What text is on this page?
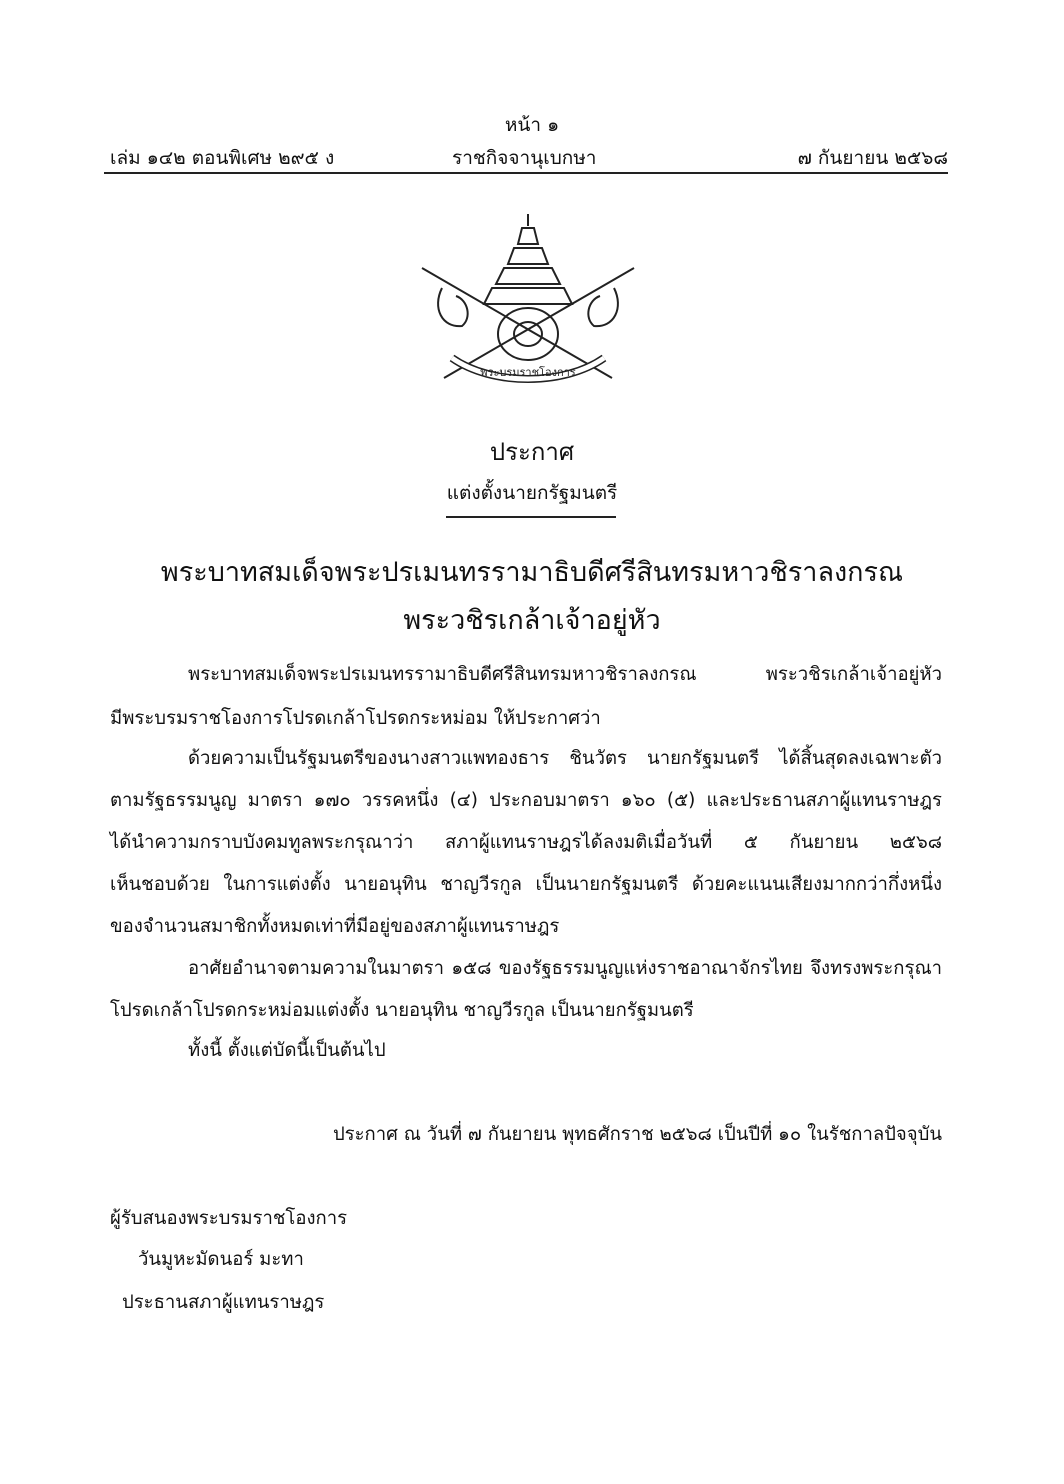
หน้า ๑
เล่ม ๑๔๒ ตอนพิเศษ ๒๙๕ ง	ราชกิจจานุเบกษา	๗ กันยายน ๒๕๖๘
พระบรมราชโองการ
ประกาศ
แต่งตั้งนายกรัฐมนตรี
พระบาทสมเด็จพระปรเมนทรรามาธิบดีศรีสินทรมหาวชิราลงกรณ
พระวชิรเกล้าเจ้าอยู่หัว
พระบาทสมเด็จพระปรเมนทรรามาธิบดีศรีสินทรมหาวชิราลงกรณ พระวชิรเกล้าเจ้าอยู่หัว
มีพระบรมราชโองการโปรดเกล้าโปรดกระหม่อม ให้ประกาศว่า
ด้วยความเป็นรัฐมนตรีของนางสาวแพทองธาร ชินวัตร นายกรัฐมนตรี ได้สิ้นสุดลงเฉพาะตัว
ตามรัฐธรรมนูญ มาตรา ๑๗๐ วรรคหนึ่ง (๔) ประกอบมาตรา ๑๖๐ (๕) และประธานสภาผู้แทนราษฎร
ได้นำความกราบบังคมทูลพระกรุณาว่า สภาผู้แทนราษฎรได้ลงมติเมื่อวันที่ ๕ กันยายน ๒๕๖๘
เห็นชอบด้วย ในการแต่งตั้ง นายอนุทิน ชาญวีรกูล เป็นนายกรัฐมนตรี ด้วยคะแนนเสียงมากกว่ากึ่งหนึ่ง
ของจำนวนสมาชิกทั้งหมดเท่าที่มีอยู่ของสภาผู้แทนราษฎร
อาศัยอำนาจตามความในมาตรา ๑๕๘ ของรัฐธรรมนูญแห่งราชอาณาจักรไทย จึงทรงพระกรุณา
โปรดเกล้าโปรดกระหม่อมแต่งตั้ง นายอนุทิน ชาญวีรกูล เป็นนายกรัฐมนตรี
ทั้งนี้ ตั้งแต่บัดนี้เป็นต้นไป
ประกาศ ณ วันที่ ๗ กันยายน พุทธศักราช ๒๕๖๘ เป็นปีที่ ๑๐ ในรัชกาลปัจจุบัน
ผู้รับสนองพระบรมราชโองการ
วันมูหะมัดนอร์ มะทา
ประธานสภาผู้แทนราษฎร
